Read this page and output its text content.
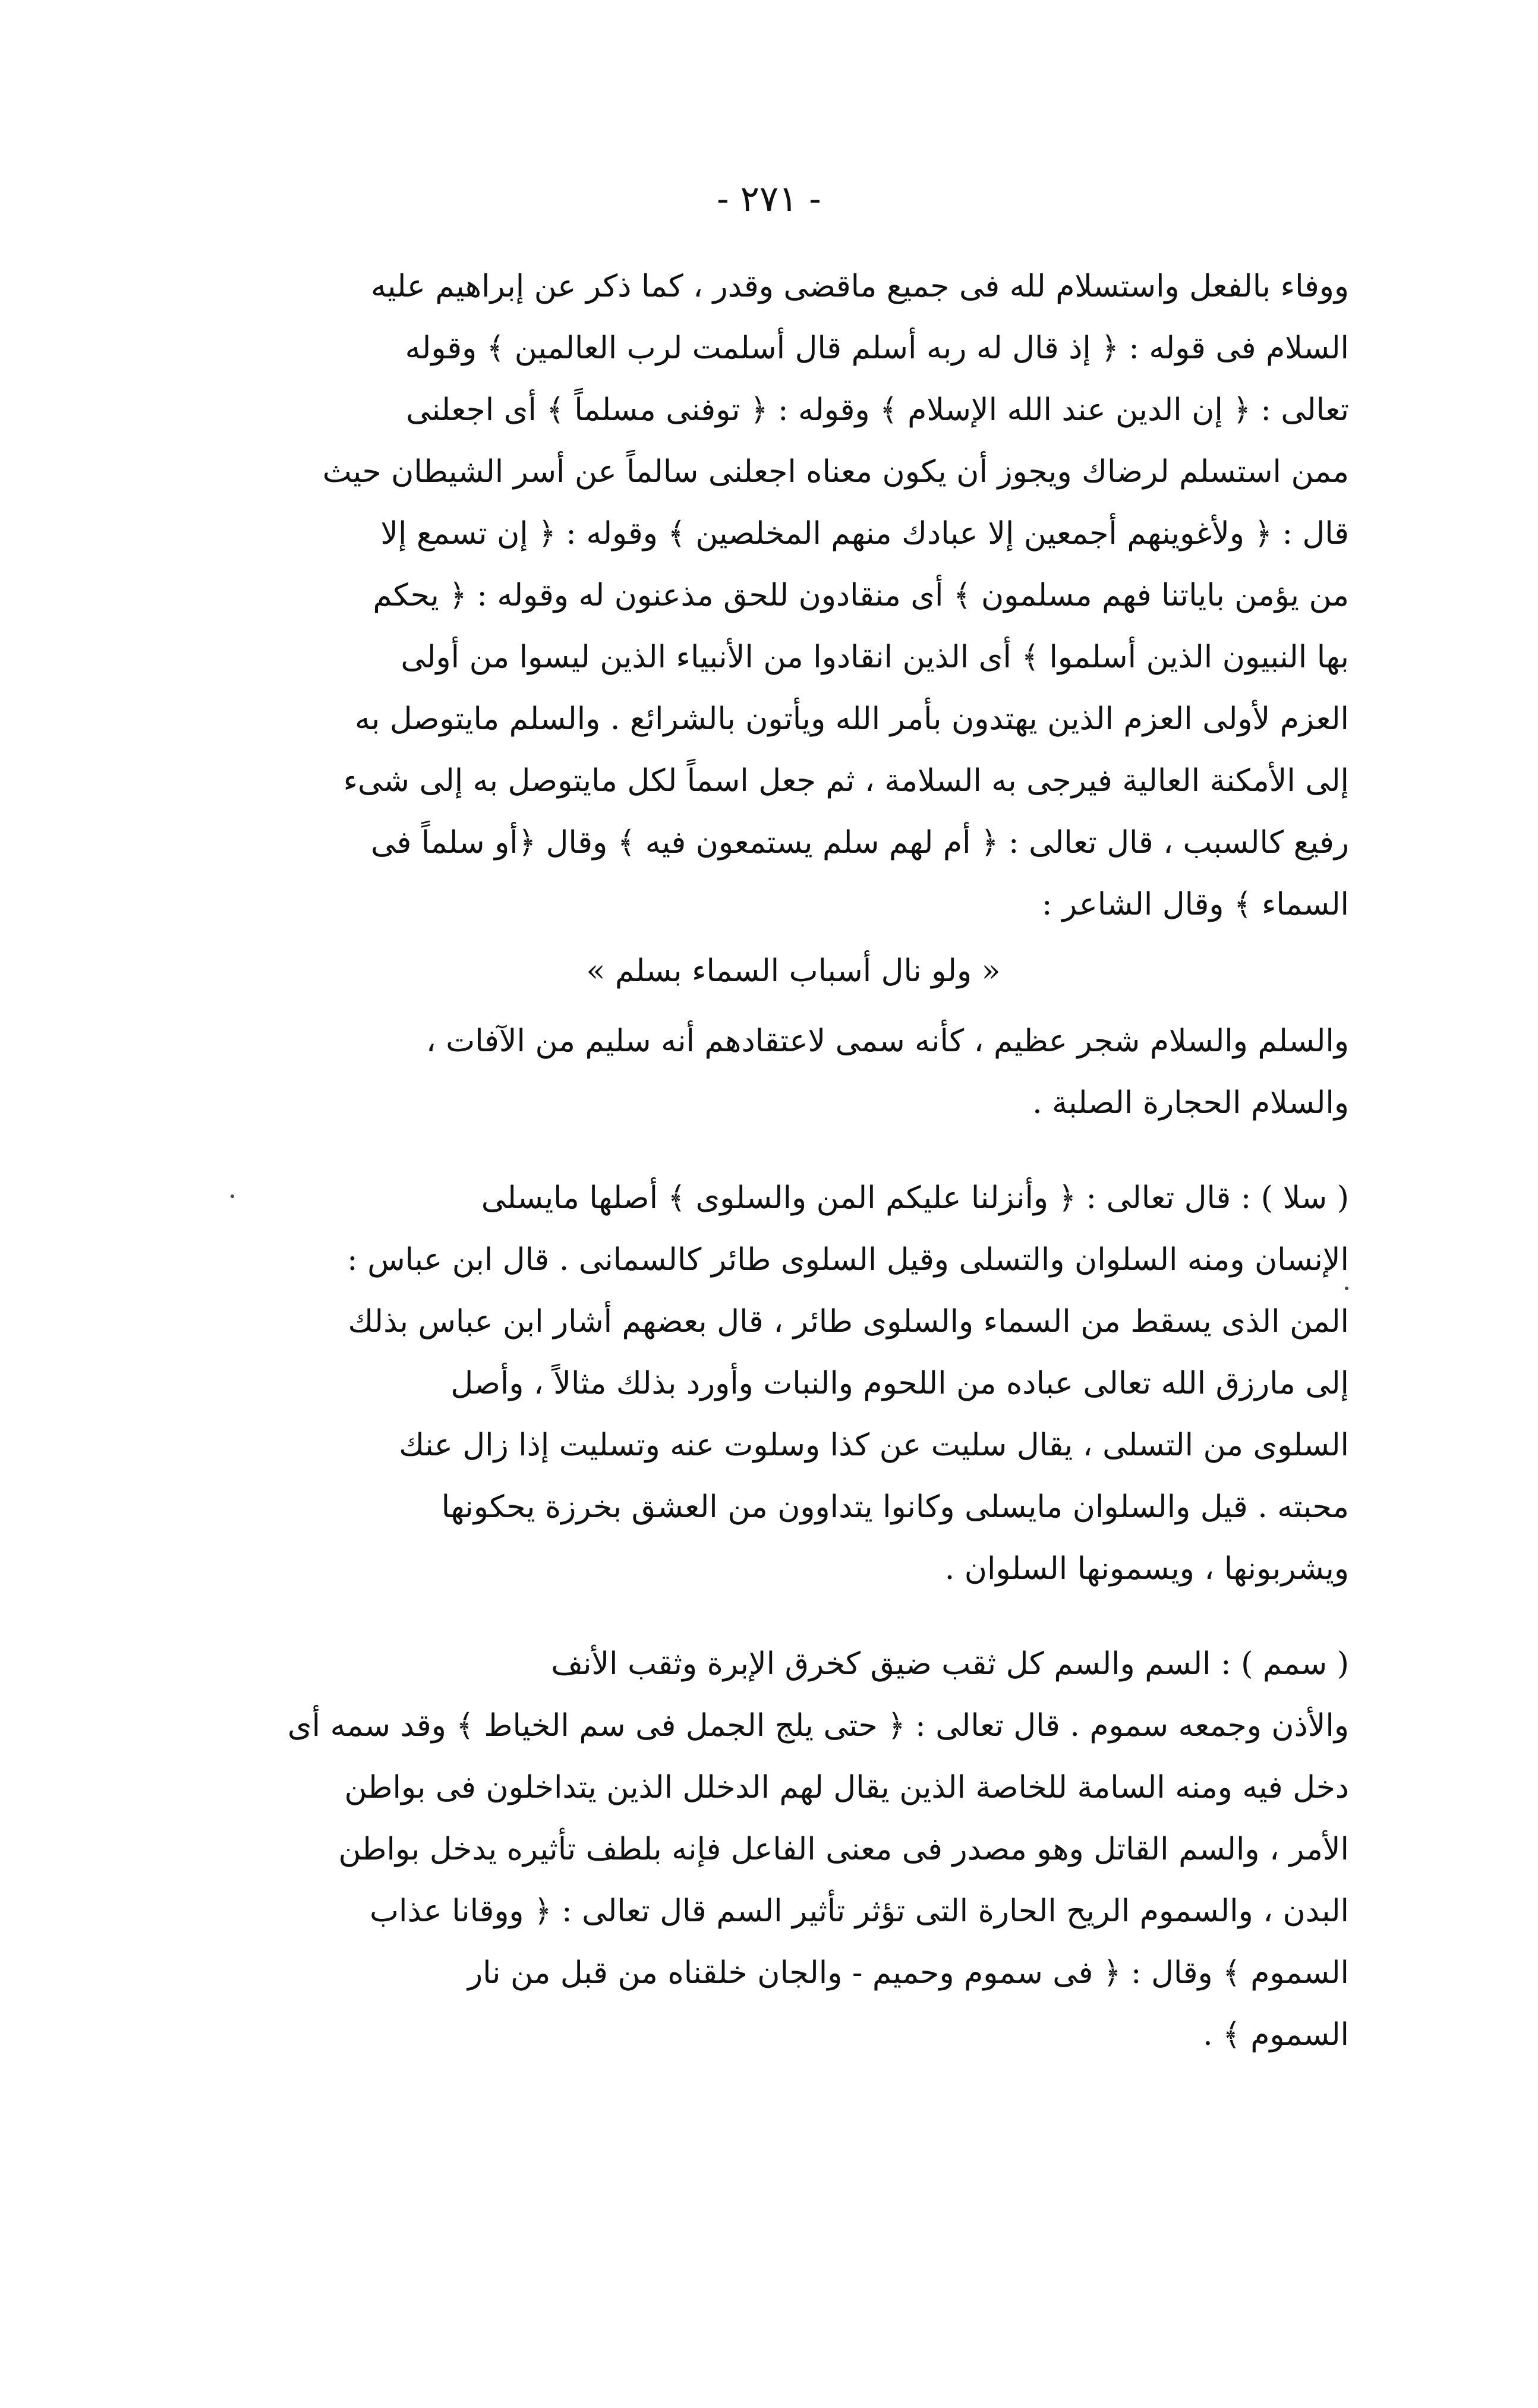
- ٢٧١ -

ووفاء بالفعل واستسلام لله فى جميع ماقضى وقدر ، كما ذكر عن إبراهيم عليه
السلام فى قوله : ﴿ إذ قال له ربه أسلم قال أسلمت لرب العالمين ﴾ وقوله
تعالى : ﴿ إن الدين عند الله الإسلام ﴾ وقوله : ﴿ توفنى مسلماً ﴾ أى اجعلنى
ممن استسلم لرضاك ويجوز أن يكون معناه اجعلنى سالماً عن أسر الشيطان حيث
قال : ﴿ ولأغوينهم أجمعين إلا عبادك منهم المخلصين ﴾ وقوله : ﴿ إن تسمع إلا
من يؤمن باياتنا فهم مسلمون ﴾ أى منقادون للحق مذعنون له وقوله : ﴿ يحكم
بها النبيون الذين أسلموا ﴾ أى الذين انقادوا من الأنبياء الذين ليسوا من أولى
العزم لأولى العزم الذين يهتدون بأمر الله ويأتون بالشرائع . والسلم مايتوصل به
إلى الأمكنة العالية فيرجى به السلامة ، ثم جعل اسماً لكل مايتوصل به إلى شىء
رفيع كالسبب ، قال تعالى : ﴿ أم لهم سلم يستمعون فيه ﴾ وقال ﴿أو سلماً فى
السماء ﴾ وقال الشاعر :

« ولو نال أسباب السماء بسلم »

والسلم والسلام شجر عظيم ، كأنه سمى لاعتقادهم أنه سليم من الآفات ،
والسلام الحجارة الصلبة .

( سلا ) : قال تعالى : ﴿ وأنزلنا عليكم المن والسلوى ﴾ أصلها مايسلى
الإنسان ومنه السلوان والتسلى وقيل السلوى طائر كالسمانى . قال ابن عباس :
المن الذى يسقط من السماء والسلوى طائر ، قال بعضهم أشار ابن عباس بذلك
إلى مارزق الله تعالى عباده من اللحوم والنبات وأورد بذلك مثالاً ، وأصل
السلوى من التسلى ، يقال سليت عن كذا وسلوت عنه وتسليت إذا زال عنك
محبته . قيل والسلوان مايسلى وكانوا يتداوون من العشق بخرزة يحكونها
ويشربونها ، ويسمونها السلوان .

( سمم ) : السم والسم كل ثقب ضيق كخرق الإبرة وثقب الأنف
والأذن وجمعه سموم . قال تعالى : ﴿ حتى يلج الجمل فى سم الخياط ﴾ وقد سمه أى
دخل فيه ومنه السامة للخاصة الذين يقال لهم الدخلل الذين يتداخلون فى بواطن
الأمر ، والسم القاتل وهو مصدر فى معنى الفاعل فإنه بلطف تأثيره يدخل بواطن
البدن ، والسموم الريح الحارة التى تؤثر تأثير السم قال تعالى : ﴿ ووقانا عذاب
السموم ﴾ وقال : ﴿ فى سموم وحميم - والجان خلقناه من قبل من نار
السموم ﴾ .
